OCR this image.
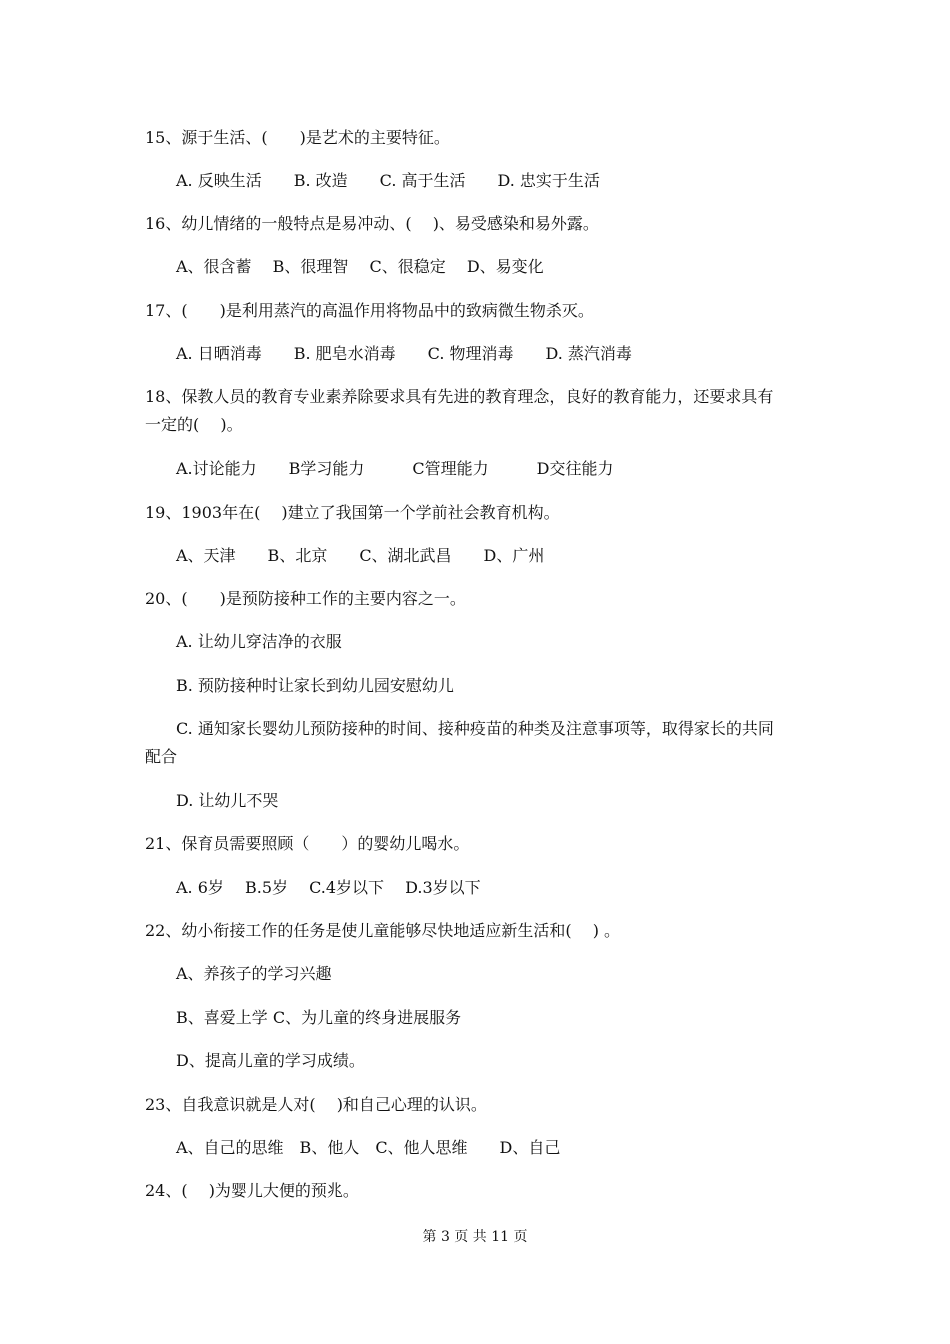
15、源于生活、(　　)是艺术的主要特征。
A. 反映生活　　B. 改造　　C. 高于生活　　D. 忠实于生活
16、幼儿情绪的一般特点是易冲动、(　 )、易受感染和易外露。
A、很含蓄　 B、很理智　 C、很稳定　 D、易变化
17、(　　)是利用蒸汽的高温作用将物品中的致病微生物杀灭。
A. 日晒消毒　　B. 肥皂水消毒　　C. 物理消毒　　D. 蒸汽消毒
18、保教人员的教育专业素养除要求具有先进的教育理念，良好的教育能力，还要求具有
一定的(　 )。
A.讨论能力　　B学习能力　　　C管理能力　　　D交往能力
19、1903年在(　 )建立了我国第一个学前社会教育机构。
A、天津　　B、北京　　C、湖北武昌　　D、广州
20、(　　)是预防接种工作的主要内容之一。
A. 让幼儿穿洁净的衣服
B. 预防接种时让家长到幼儿园安慰幼儿
C. 通知家长婴幼儿预防接种的时间、接种疫苗的种类及注意事项等，取得家长的共同
配合
D. 让幼儿不哭
21、保育员需要照顾（　　）的婴幼儿喝水。
A. 6岁　 B.5岁　 C.4岁以下　 D.3岁以下
22、幼小衔接工作的任务是使儿童能够尽快地适应新生活和(　 ) 。
A、养孩子的学习兴趣
B、喜爱上学 C、为儿童的终身进展服务
D、提高儿童的学习成绩。
23、自我意识就是人对(　 )和自己心理的认识。
A、自己的思维　B、他人　C、他人思维　　D、自己
24、(　 )为婴儿大便的预兆。
第 3 页 共 11 页
